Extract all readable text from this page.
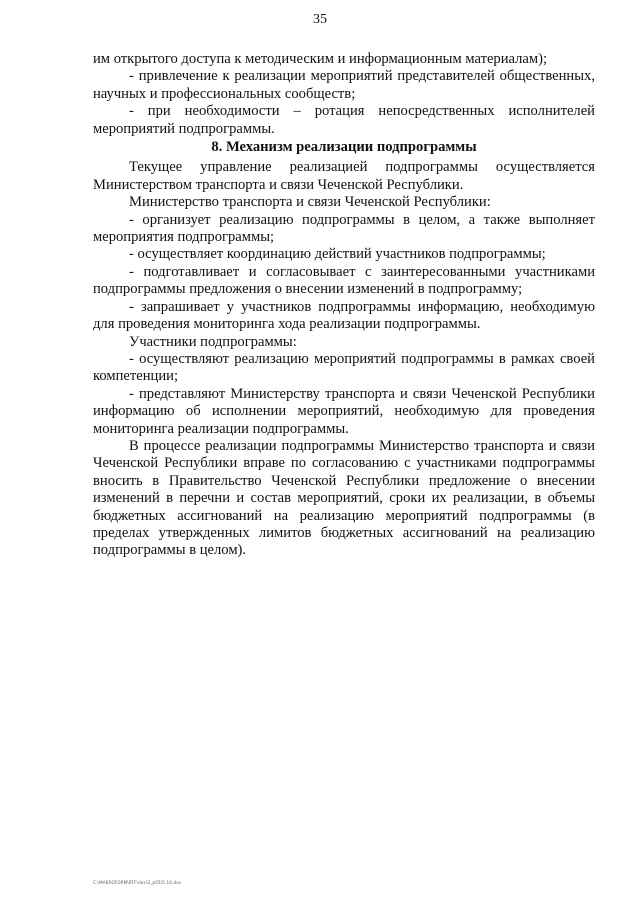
35

им открытого доступа к методическим и информационным материалам);

- привлечение к реализации мероприятий представителей общественных, научных и профессиональных сообществ;

- при необходимости – ротация непосредственных исполнителей мероприятий подпрограммы.

8. Механизм реализации подпрограммы

Текущее управление реализацией подпрограммы осуществляется Министерством транспорта и связи Чеченской Республики.

Министерство транспорта и связи Чеченской Республики:

- организует реализацию подпрограммы в целом, а также выполняет мероприятия подпрограммы;

- осуществляет координацию действий участников подпрограммы;

- подготавливает и согласовывает с заинтересованными участниками подпрограммы предложения о внесении изменений в подпрограмму;

- запрашивает у участников подпрограммы информацию, необходимую для проведения мониторинга хода реализации подпрограммы.

Участники подпрограммы:

- осуществляют реализацию мероприятий подпрограммы в рамках своей компетенции;

- представляют Министерству транспорта и связи Чеченской Республики информацию об исполнении мероприятий, необходимую для проведения мониторинга реализации подпрограммы.

В процессе реализации подпрограммы Министерство транспорта и связи Чеченской Республики вправе по согласованию с участниками подпрограммы вносить в Правительство Чеченской Республики предложение о внесении изменений в перечни и состав мероприятий, сроки их реализации, в объемы бюджетных ассигнований на реализацию мероприятий подпрограммы (в пределах утвержденных лимитов бюджетных ассигнований на реализацию подпрограммы в целом).

C:\MAKROFORM\RTF\doc\2_p05\5.16.doc
